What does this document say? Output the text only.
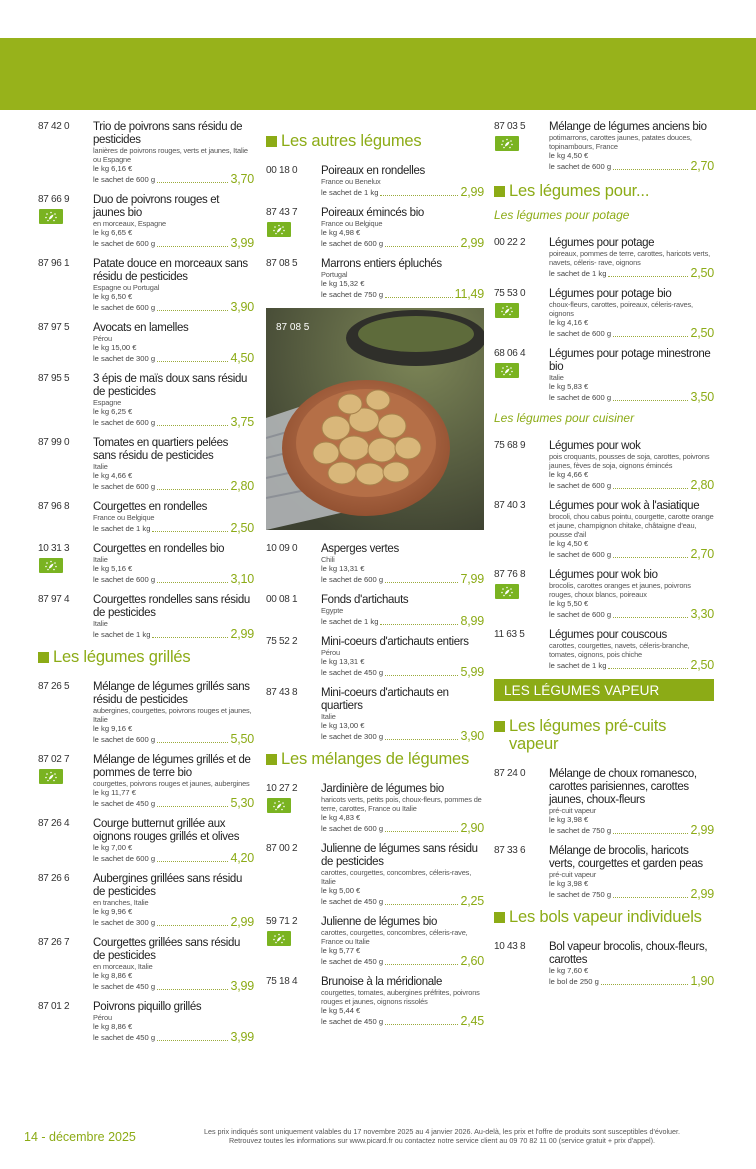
87 42 0 Trio de poivrons sans résidu de pesticides
lanières de poivrons rouges, verts et jaunes, Italie ou Espagne
le kg 6,16 €
le sachet de 600 g	3,70
87 66 9 Duo de poivrons rouges et jaunes bio
en morceaux, Espagne
le kg 6,65 €
le sachet de 600 g	3,99
87 96 1 Patate douce en morceaux sans résidu de pesticides
Espagne ou Portugal
le kg 6,50 €
le sachet de 600 g	3,90
87 97 5 Avocats en lamelles
Pérou
le kg 15,00 €
le sachet de 300 g	4,50
87 95 5 3 épis de maïs doux sans résidu de pesticides
Espagne
le kg 6,25 €
le sachet de 600 g	3,75
87 99 0 Tomates en quartiers pelées sans résidu de pesticides
Italie
le kg 4,66 €
le sachet de 600 g	2,80
87 96 8 Courgettes en rondelles
France ou Belgique
le sachet de 1 kg	2,50
10 31 3 Courgettes en rondelles bio
Italie
le kg 5,16 €
le sachet de 600 g	3,10
87 97 4 Courgettes rondelles sans résidu de pesticides
Italie
le sachet de 1 kg	2,99
Les légumes grillés
87 26 5 Mélange de légumes grillés sans résidu de pesticides
aubergines, courgettes, poivrons rouges et jaunes, Italie
le kg 9,16 €
le sachet de 600 g	5,50
87 02 7 Mélange de légumes grillés et de pommes de terre bio
courgettes, poivrons rouges et jaunes, aubergines
le kg 11,77 €
le sachet de 450 g	5,30
87 26 4 Courge butternut grillée aux oignons rouges grillés et olives
le kg 7,00 €
le sachet de 600 g	4,20
87 26 6 Aubergines grillées sans résidu de pesticides
en tranches, Italie
le kg 9,96 €
le sachet de 300 g	2,99
87 26 7 Courgettes grillées sans résidu de pesticides
en morceaux, Italie
le kg 8,86 €
le sachet de 450 g	3,99
87 01 2 Poivrons piquillo grillés
Pérou
le kg 8,86 €
le sachet de 450 g	3,99
Les autres légumes
00 18 0 Poireaux en rondelles
France ou Benelux
le sachet de 1 kg	2,99
87 43 7 Poireaux émincés bio
France ou Belgique
le kg 4,98 €
le sachet de 600 g	2,99
87 08 5 Marrons entiers épluchés
Portugal
le kg 15,32 €
le sachet de 750 g	11,49
87 08 5
10 09 0 Asperges vertes
Chili
le kg 13,31 €
le sachet de 600 g	7,99
00 08 1 Fonds d'artichauts
Egypte
le sachet de 1 kg	8,99
75 52 2 Mini-coeurs d'artichauts entiers
Pérou
le kg 13,31 €
le sachet de 450 g	5,99
87 43 8 Mini-coeurs d'artichauts en quartiers
Italie
le kg 13,00 €
le sachet de 300 g	3,90
Les mélanges de légumes
10 27 2 Jardinière de légumes bio
haricots verts, petits pois, choux-fleurs, pommes de terre, carottes, France ou Italie
le kg 4,83 €
le sachet de 600 g	2,90
87 00 2 Julienne de légumes sans résidu de pesticides
carottes, courgettes, concombres, céleris-raves, Italie
le kg 5,00 €
le sachet de 450 g	2,25
59 71 2 Julienne de légumes bio
carottes, courgettes, concombres, céleris-rave, France ou Italie
le kg 5,77 €
le sachet de 450 g	2,60
75 18 4 Brunoise à la méridionale
courgettes, tomates, aubergines préfrites, poivrons rouges et jaunes, oignons rissolés
le kg 5,44 €
le sachet de 450 g	2,45
87 03 5 Mélange de légumes anciens bio
potimarrons, carottes jaunes, patates douces, topinambours, France
le kg 4,50 €
le sachet de 600 g	2,70
Les légumes pour...
Les légumes pour potage
00 22 2 Légumes pour potage
poireaux, pommes de terre, carottes, haricots verts, navets, céleris- rave, oignons
le sachet de 1 kg	2,50
75 53 0 Légumes pour potage bio
choux-fleurs, carottes, poireaux, céleris-raves, oignons
le kg 4,16 €
le sachet de 600 g	2,50
68 06 4 Légumes pour potage minestrone bio
Italie
le kg 5,83 €
le sachet de 600 g	3,50
Les légumes pour cuisiner
75 68 9 Légumes pour wok
pois croquants, pousses de soja, carottes, poivrons jaunes, fèves de soja, oignons émincés
le kg 4,66 €
le sachet de 600 g	2,80
87 40 3 Légumes pour wok à l'asiatique
brocoli, chou cabus pointu, courgette, carotte orange et jaune, champignon chitake, châtaigne d'eau, pousse d'ail
le kg 4,50 €
le sachet de 600 g	2,70
87 76 8 Légumes pour wok bio
brocolis, carottes oranges et jaunes, poivrons rouges, choux blancs, poireaux
le kg 5,50 €
le sachet de 600 g	3,30
11 63 5 Légumes pour couscous
carottes, courgettes, navets, céleris-branche, tomates, oignons, pois chiche
le sachet de 1 kg	2,50
LES LÉGUMES VAPEUR
Les légumes pré-cuits vapeur
87 24 0 Mélange de choux romanesco, carottes parisiennes, carottes jaunes, choux-fleurs
pré-cuit vapeur
le kg 3,98 €
le sachet de 750 g	2,99
87 33 6 Mélange de brocolis, haricots verts, courgettes et garden peas
pré-cuit vapeur
le kg 3,98 €
le sachet de 750 g	2,99
Les bols vapeur individuels
10 43 8 Bol vapeur brocolis, choux-fleurs, carottes
le kg 7,60 €
le bol de 250 g	1,90
14 - décembre 2025	Les prix indiqués sont uniquement valables du 17 novembre 2025 au 4 janvier 2026. Au-delà, les prix et l'offre de produits sont susceptibles d'évoluer.
Retrouvez toutes les informations sur www.picard.fr ou contactez notre service client au 09 70 82 11 00 (service gratuit + prix d'appel).
